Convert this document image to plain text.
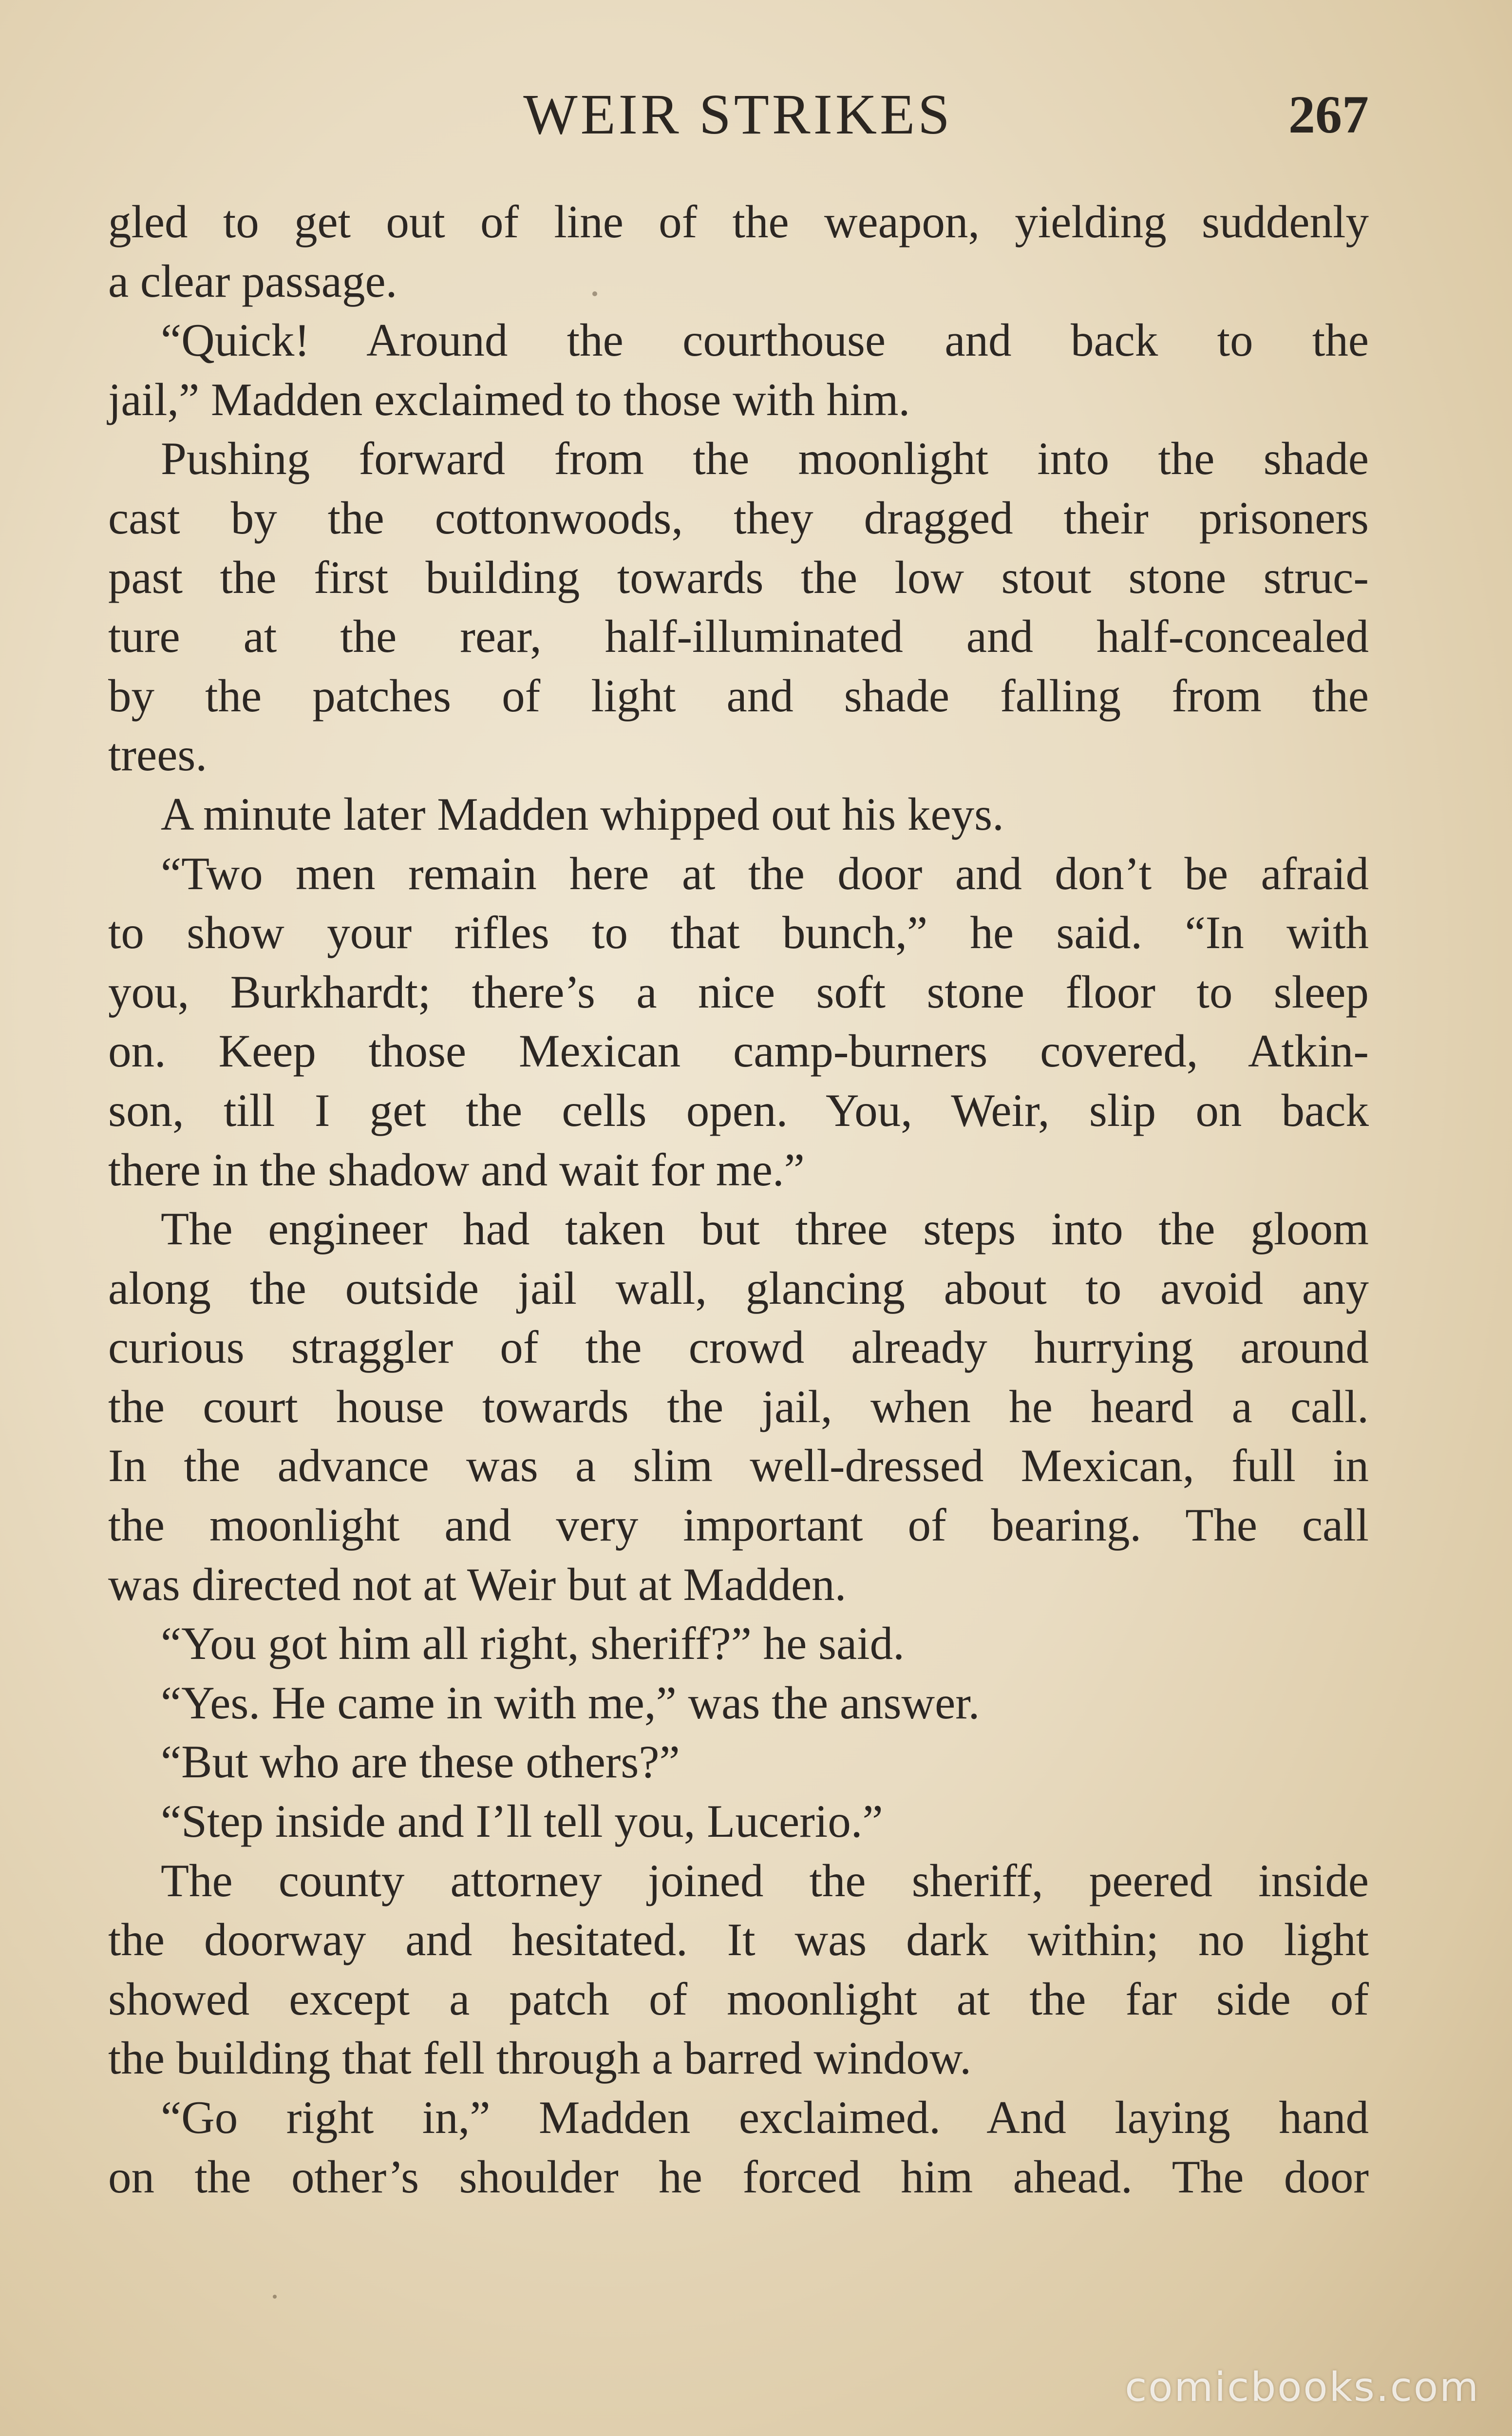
WEIR STRIKES	267
gled to get out of line of the weapon, yielding suddenly
a clear passage.
“Quick! Around the courthouse and back to the
jail,” Madden exclaimed to those with him.
Pushing forward from the moonlight into the shade
cast by the cottonwoods, they dragged their prisoners
past the first building towards the low stout stone struc-
ture at the rear, half-illuminated and half-concealed
by the patches of light and shade falling from the
trees.
A minute later Madden whipped out his keys.
“Two men remain here at the door and don’t be afraid
to show your rifles to that bunch,” he said. “In with
you, Burkhardt; there’s a nice soft stone floor to sleep
on. Keep those Mexican camp-burners covered, Atkin-
son, till I get the cells open. You, Weir, slip on back
there in the shadow and wait for me.”
The engineer had taken but three steps into the gloom
along the outside jail wall, glancing about to avoid any
curious straggler of the crowd already hurrying around
the court house towards the jail, when he heard a call.
In the advance was a slim well-dressed Mexican, full in
the moonlight and very important of bearing. The call
was directed not at Weir but at Madden.
“You got him all right, sheriff?” he said.
“Yes. He came in with me,” was the answer.
“But who are these others?”
“Step inside and I’ll tell you, Lucerio.”
The county attorney joined the sheriff, peered inside
the doorway and hesitated. It was dark within; no light
showed except a patch of moonlight at the far side of
the building that fell through a barred window.
“Go right in,” Madden exclaimed. And laying hand
on the other’s shoulder he forced him ahead. The door
comicbooks.com
